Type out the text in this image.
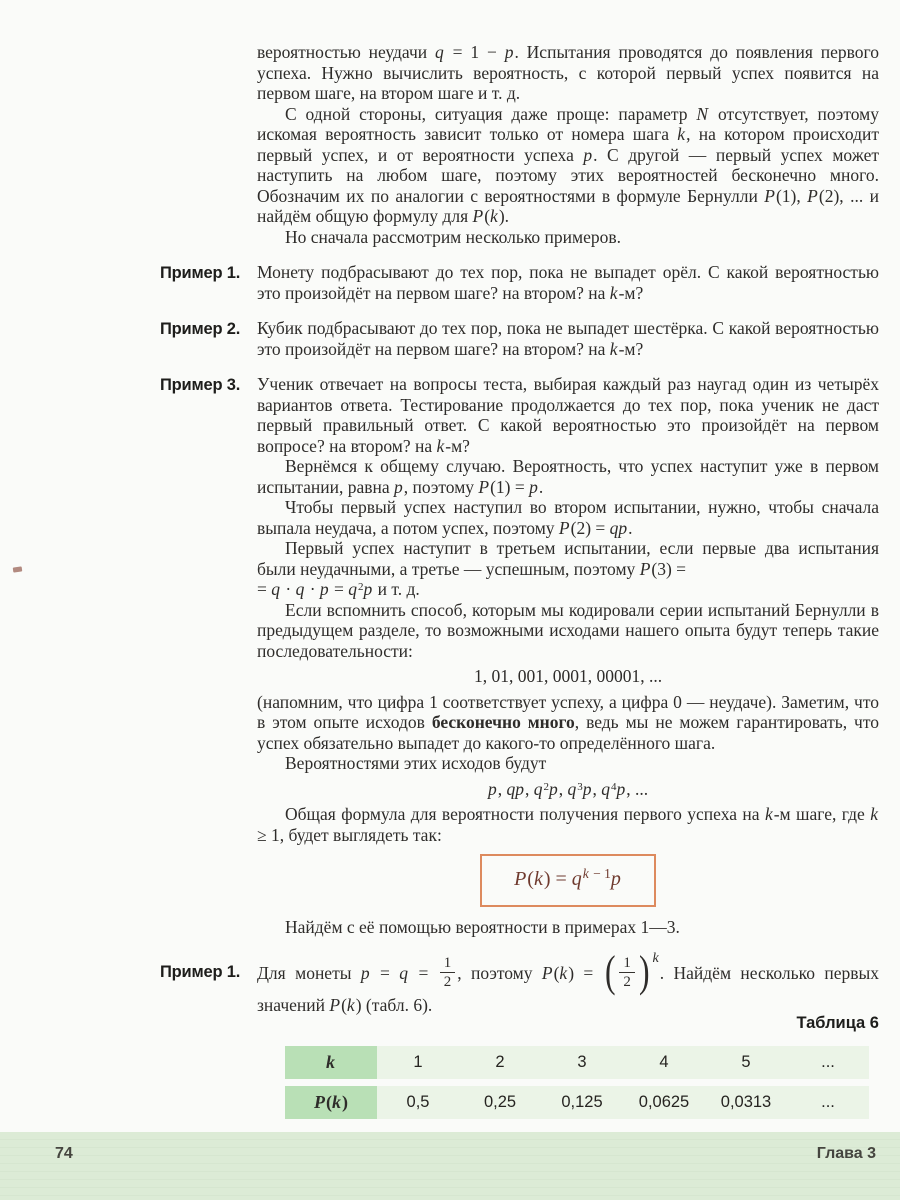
вероятностью неудачи q = 1 − p. Испытания проводятся до появления первого успеха. Нужно вычислить вероятность, с которой первый успех появится на первом шаге, на втором шаге и т. д.

С одной стороны, ситуация даже проще: параметр N отсутствует, поэтому искомая вероятность зависит только от номера шага k, на котором происходит первый успех, и от вероятности успеха p. С другой — первый успех может наступить на любом шаге, поэтому этих вероятностей бесконечно много. Обозначим их по аналогии с вероятностями в формуле Бернулли P(1), P(2), ... и найдём общую формулу для P(k).

Но сначала рассмотрим несколько примеров.

Пример 1. Монету подбрасывают до тех пор, пока не выпадет орёл. С какой вероятностью это произойдёт на первом шаге? на втором? на k-м?
Пример 2. Кубик подбрасывают до тех пор, пока не выпадет шестёрка. С какой вероятностью это произойдёт на первом шаге? на втором? на k-м?
Пример 3. Ученик отвечает на вопросы теста, выбирая каждый раз наугад один из четырёх вариантов ответа. Тестирование продолжается до тех пор, пока ученик не даст первый правильный ответ. С какой вероятностью это произойдёт на первом вопросе? на втором? на k-м?

Вернёмся к общему случаю. Вероятность, что успех наступит уже в первом испытании, равна p, поэтому P(1) = p.

Чтобы первый успех наступил во втором испытании, нужно, чтобы сначала выпала неудача, а потом успех, поэтому P(2) = qp.

Первый успех наступит в третьем испытании, если первые два испытания были неудачными, а третье — успешным, поэтому P(3) =
= $q \cdot q \cdot p = q^2p$ и т. д.

Если вспомнить способ, которым мы кодировали серии испытаний Бернулли в предыдущем разделе, то возможными исходами нашего опыта будут теперь такие последовательности:

1, 01, 001, 0001, 00001, ...

(напомним, что цифра 1 соответствует успеху, а цифра 0 — неудаче). Заметим, что в этом опыте исходов бесконечно много, ведь мы не можем гарантировать, что успех обязательно выпадет до какого-то определённого шага.

Вероятностями этих исходов будут

p, qp, $q^2p$, $q^3p$, $q^4p$, ...

Общая формула для вероятности получения первого успеха на k-м шаге, где k ≥ 1, будет выглядеть так:

$P(k) = q^{k - 1}p$

Найдём с её помощью вероятности в примерах 1—3.

Пример 1. Для монеты $p = q = \frac{1}{2}$ , поэтому P(k) = ( $\frac{1}{2}$ ) $^k$. Найдём несколько первых значений P(k) (табл. 6).
Таблица 6
k	1	2	3	4	5	...
P ( k )	0,5	0,25	0,125	0,0625	0,0313	...
74	Глава 3
